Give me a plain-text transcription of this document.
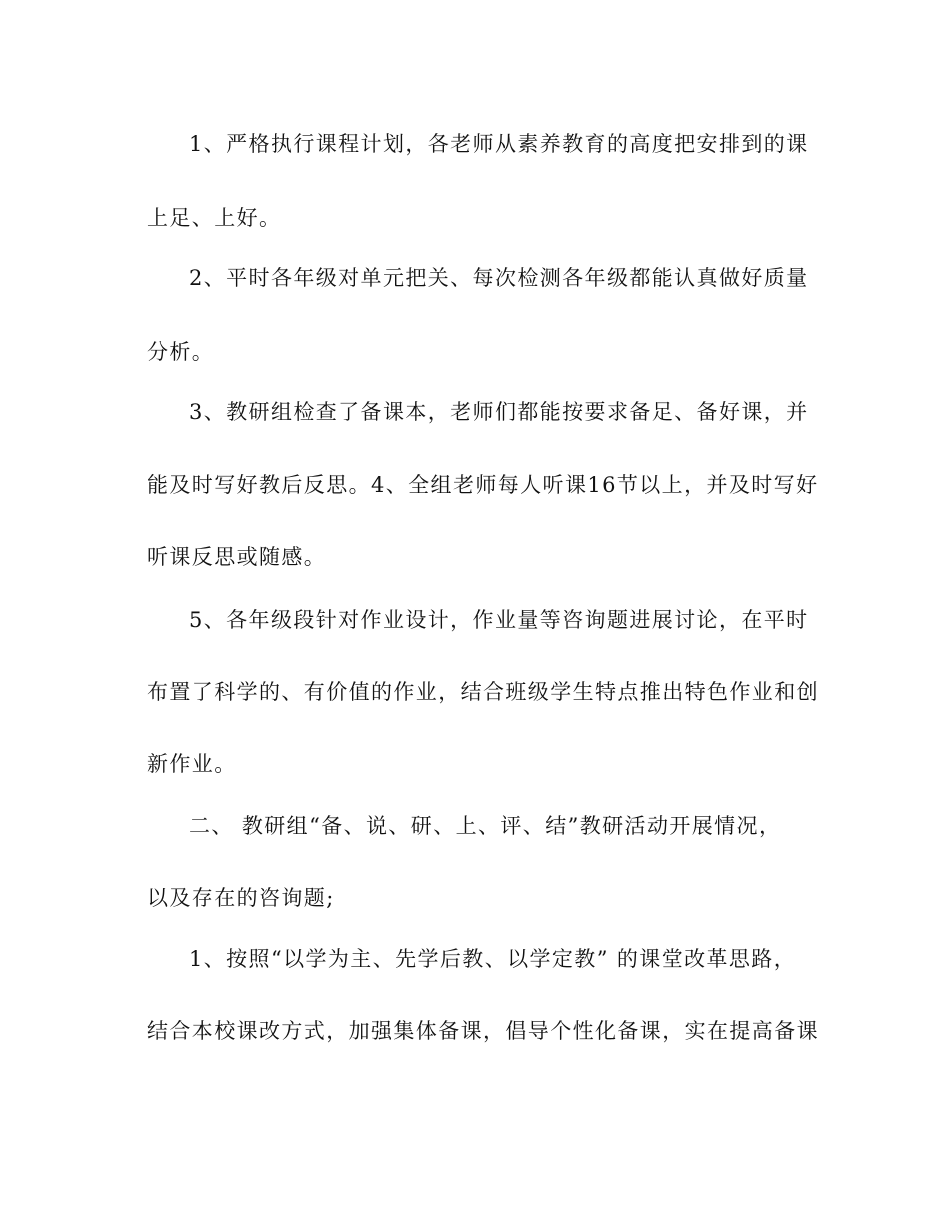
1、严格执行课程计划，各老师从素养教育的高度把安排到的课
上足、上好。
2、平时各年级对单元把关、每次检测各年级都能认真做好质量
分析。
3、教研组检查了备课本，老师们都能按要求备足、备好课，并
能及时写好教后反思。4、全组老师每人听课16节以上，并及时写好
听课反思或随感。
5、各年级段针对作业设计，作业量等咨询题进展讨论，在平时
布置了科学的、有价值的作业，结合班级学生特点推出特色作业和创
新作业。
二、 教研组“备、说、研、上、评、结”教研活动开展情况，
以及存在的咨询题;
1、按照“以学为主、先学后教、以学定教” 的课堂改革思路，
结合本校课改方式，加强集体备课，倡导个性化备课，实在提高备课
